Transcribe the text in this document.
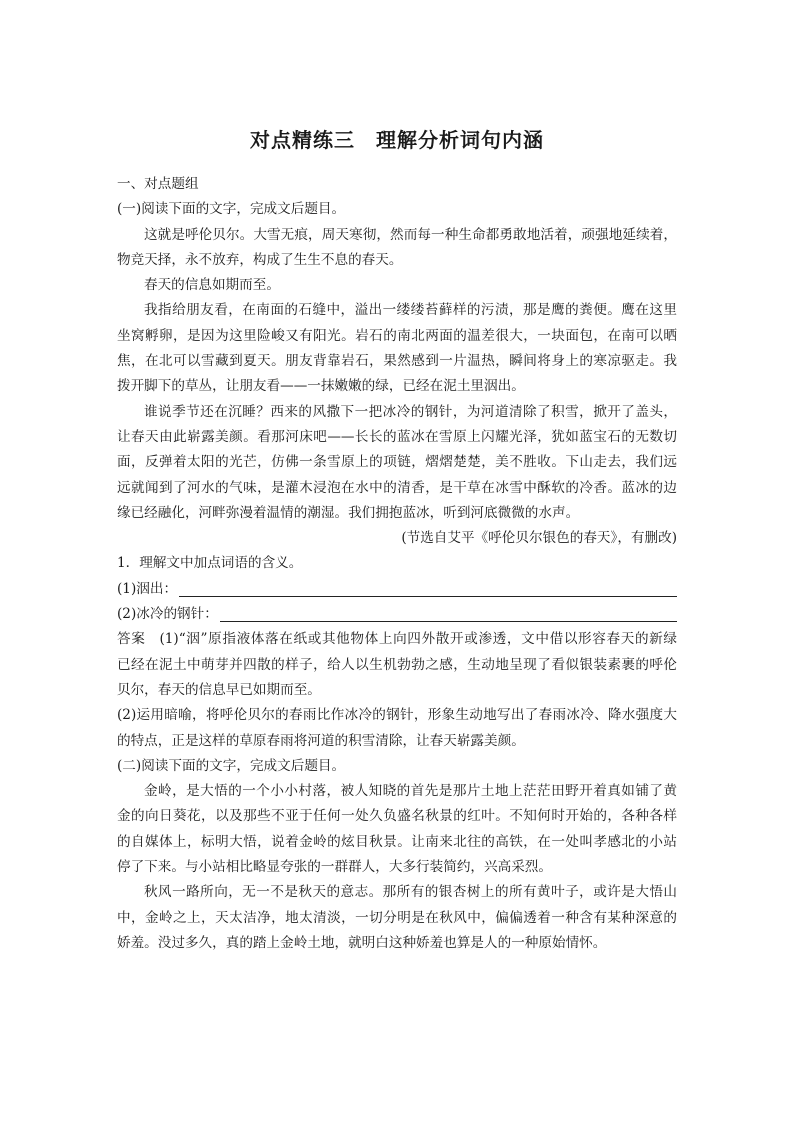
对点精练三　理解分析词句内涵
一、对点题组
(一)阅读下面的文字，完成文后题目。
这就是呼伦贝尔。大雪无痕，周天寒彻，然而每一种生命都勇敢地活着，顽强地延续着，
物竞天择，永不放弃，构成了生生不息的春天。
春天的信息如期而至。
我指给朋友看，在南面的石缝中，溢出一缕缕苔藓样的污渍，那是鹰的粪便。鹰在这里
坐窝孵卵，是因为这里险峻又有阳光。岩石的南北两面的温差很大，一块面包，在南可以晒
焦，在北可以雪藏到夏天。朋友背靠岩石，果然感到一片温热，瞬间将身上的寒凉驱走。我
拨开脚下的草丛，让朋友看——一抹嫩嫩的绿，已经在泥土里洇出。
谁说季节还在沉睡？西来的风撒下一把冰冷的钢针，为河道清除了积雪，掀开了盖头，
让春天由此崭露美颜。看那河床吧——长长的蓝冰在雪原上闪耀光泽，犹如蓝宝石的无数切
面，反弹着太阳的光芒，仿佛一条雪原上的项链，熠熠楚楚，美不胜收。下山走去，我们远
远就闻到了河水的气味，是灌木浸泡在水中的清香，是干草在冰雪中酥软的冷香。蓝冰的边
缘已经融化，河畔弥漫着温情的潮湿。我们拥抱蓝冰，听到河底微微的水声。
(节选自艾平《呼伦贝尔银色的春天》，有删改)
1．理解文中加点词语的含义。
(1)洇出：
(2)冰冷的钢针：
答案 (1)“洇”原指液体落在纸或其他物体上向四外散开或渗透，文中借以形容春天的新绿
已经在泥土中萌芽并四散的样子，给人以生机勃勃之感，生动地呈现了看似银装素裹的呼伦
贝尔，春天的信息早已如期而至。
(2)运用暗喻，将呼伦贝尔的春雨比作冰冷的钢针，形象生动地写出了春雨冰冷、降水强度大
的特点，正是这样的草原春雨将河道的积雪清除，让春天崭露美颜。
(二)阅读下面的文字，完成文后题目。
金岭，是大悟的一个小小村落，被人知晓的首先是那片土地上茫茫田野开着真如铺了黄
金的向日葵花，以及那些不亚于任何一处久负盛名秋景的红叶。不知何时开始的，各种各样
的自媒体上，标明大悟，说着金岭的炫目秋景。让南来北往的高铁，在一处叫孝感北的小站
停了下来。与小站相比略显夸张的一群群人，大多行装简约，兴高采烈。
秋风一路所向，无一不是秋天的意志。那所有的银杏树上的所有黄叶子，或许是大悟山
中，金岭之上，天太洁净，地太清淡，一切分明是在秋风中，偏偏透着一种含有某种深意的
娇羞。没过多久，真的踏上金岭土地，就明白这种娇羞也算是人的一种原始情怀。
